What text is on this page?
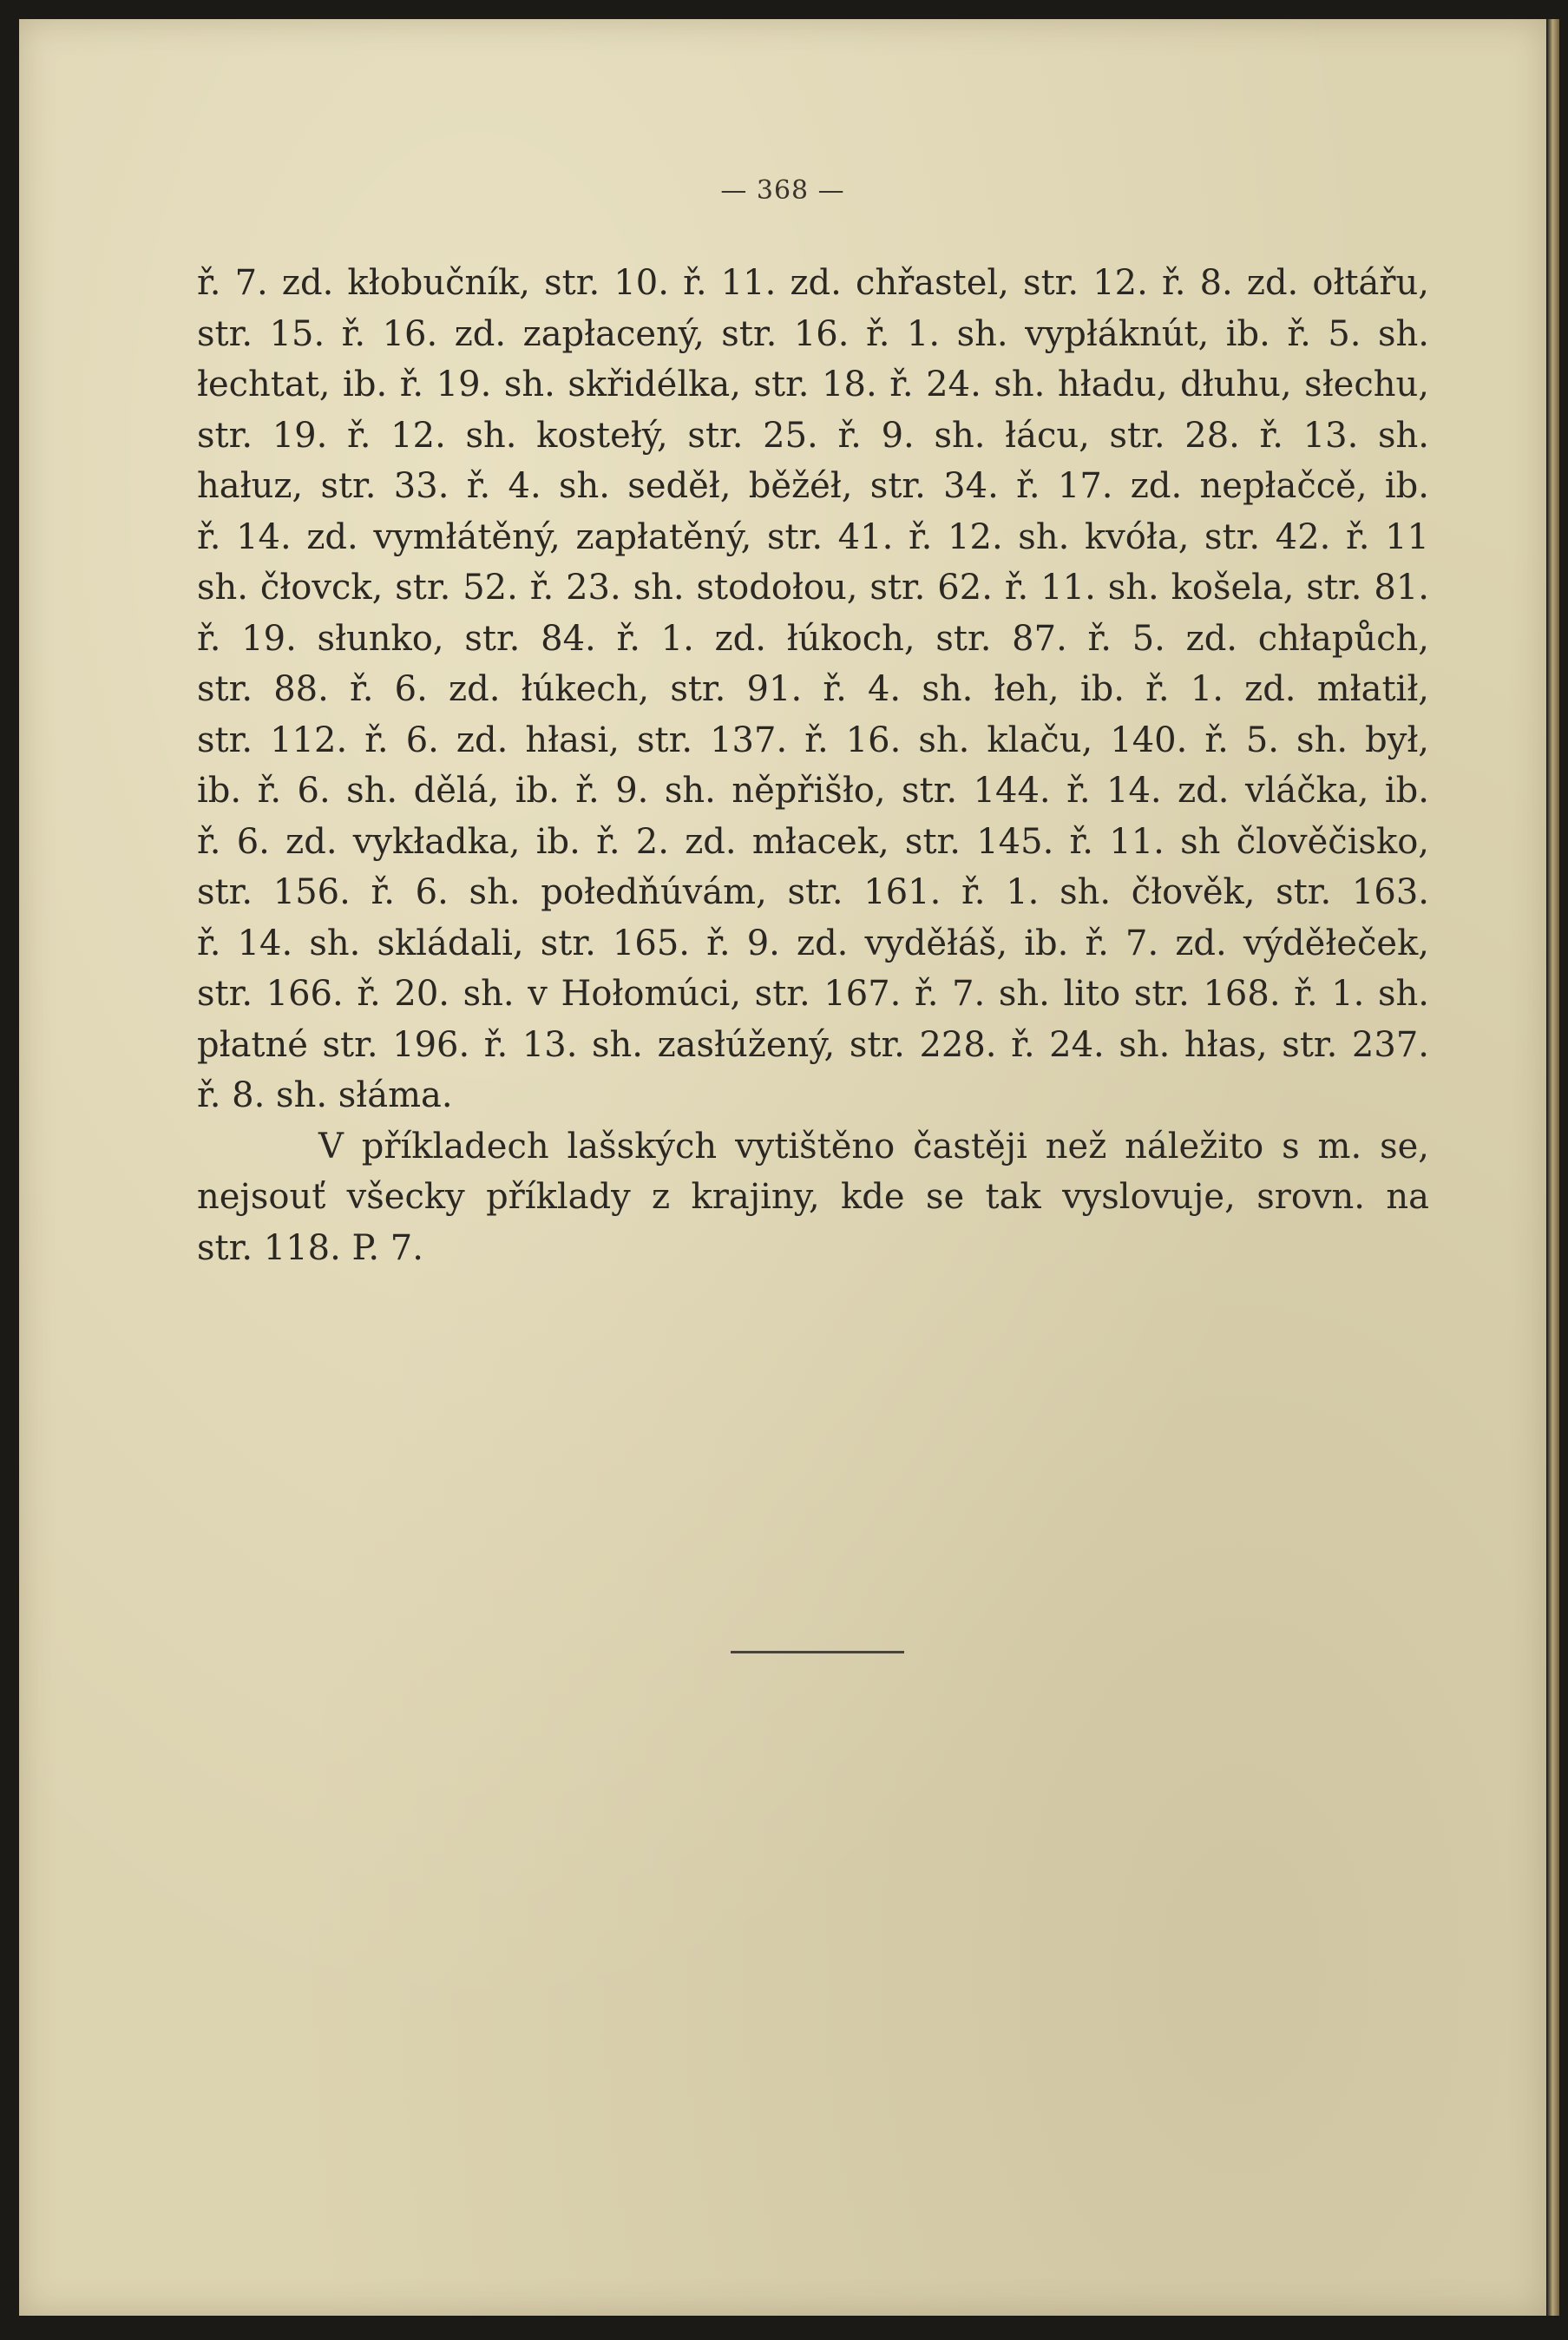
— 368 —
ř. 7. zd. kłobučník, str. 10. ř. 11. zd. chřastel, str. 12. ř. 8. zd. ołtářu,
str. 15. ř. 16. zd. zapłacený, str. 16. ř. 1. sh. vypłáknút, ib. ř. 5. sh.
łechtat, ib. ř. 19. sh. skřidélka, str. 18. ř. 24. sh. hładu, dłuhu, słechu,
str. 19. ř. 12. sh. kostełý, str. 25. ř. 9. sh. łácu, str. 28. ř. 13. sh.
hałuz, str. 33. ř. 4. sh. seděł, běžéł, str. 34. ř. 17. zd. nepłačcě, ib.
ř. 14. zd. vymłátěný, zapłatěný, str. 41. ř. 12. sh. kvóła, str. 42. ř. 11
sh. čłovck, str. 52. ř. 23. sh. stodołou, str. 62. ř. 11. sh. košela, str. 81.
ř. 19. słunko, str. 84. ř. 1. zd. łúkoch, str. 87. ř. 5. zd. chłapůch,
str. 88. ř. 6. zd. łúkech, str. 91. ř. 4. sh. łeh, ib. ř. 1. zd. młatił,
str. 112. ř. 6. zd. hłasi, str. 137. ř. 16. sh. klaču, 140. ř. 5. sh. był,
ib. ř. 6. sh. dělá, ib. ř. 9. sh. něpřišło, str. 144. ř. 14. zd. vláčka, ib.
ř. 6. zd. vykładka, ib. ř. 2. zd. młacek, str. 145. ř. 11. sh člověčisko,
str. 156. ř. 6. sh. połedňúvám, str. 161. ř. 1. sh. čłověk, str. 163.
ř. 14. sh. skládali, str. 165. ř. 9. zd. vyděłáš, ib. ř. 7. zd. výděłeček,
str. 166. ř. 20. sh. v Hołomúci, str. 167. ř. 7. sh. lito str. 168. ř. 1. sh.
płatné str. 196. ř. 13. sh. zasłúžený, str. 228. ř. 24. sh. hłas, str. 237.
ř. 8. sh. słáma.
V příkladech lašských vytištěno častěji než náležito s m. se,
nejsouť všecky příklady z krajiny, kde se tak vyslovuje, srovn. na
str. 118. P. 7.
